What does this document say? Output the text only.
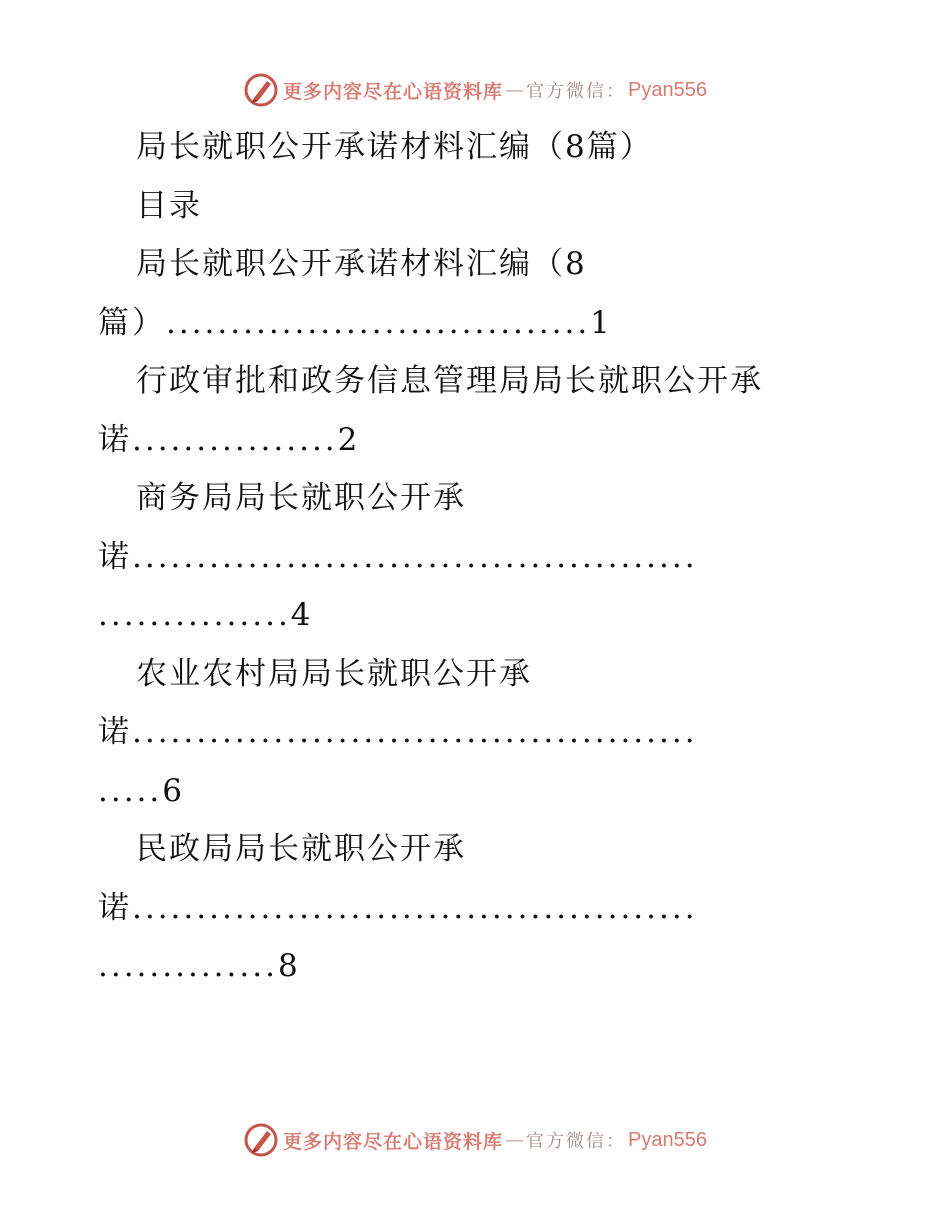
更多内容尽在心语资料库 — 官方微信： Pyan556
局长就职公开承诺材料汇编（8篇）
目录
局长就职公开承诺材料汇编（8
篇）.................................1
行政审批和政务信息管理局局长就职公开承
诺................2
商务局局长就职公开承
诺............................................
...............4
农业农村局局长就职公开承
诺............................................
.....6
民政局局长就职公开承
诺............................................
..............8
更多内容尽在心语资料库 — 官方微信： Pyan556
